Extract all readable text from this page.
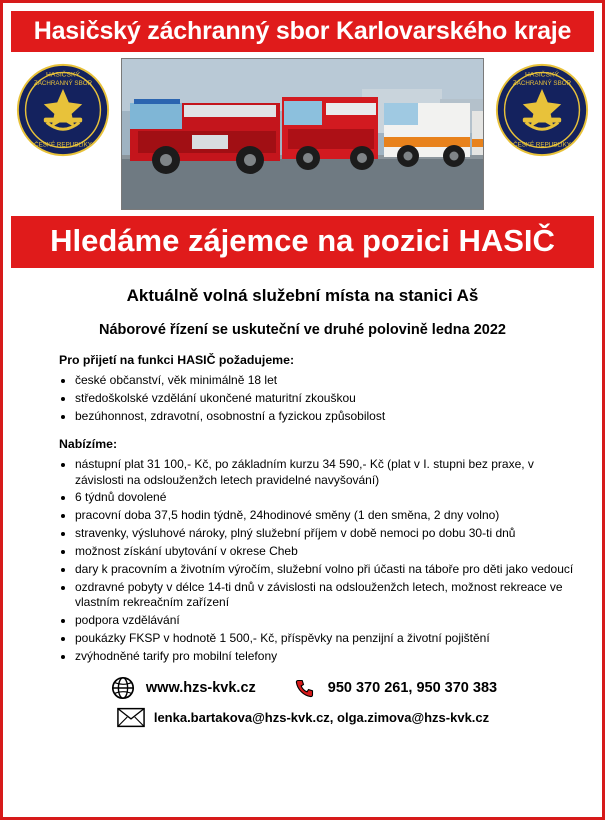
Hasičský záchranný sbor Karlovarského kraje
HASIČSKÝ
ZÁCHRANNÝ SBOR
ČESKÉ REPUBLIKY
HASIČSKÝ
ZÁCHRANNÝ SBOR
ČESKÉ REPUBLIKY
Hledáme zájemce na pozici HASIČ
Aktuálně volná služební místa na stanici Aš
Náborové řízení se uskuteční ve druhé polovině ledna 2022
Pro přijetí na funkci HASIČ požadujeme:
české občanství, věk minimálně 18 let
středoškolské vzdělání ukončené maturitní zkouškou
bezúhonnost, zdravotní, osobnostní a fyzickou způsobilost
Nabízíme:
nástupní plat 31 100,- Kč, po základním kurzu 34 590,- Kč (plat v I. stupni bez praxe, v závislosti na odslouženžch letech pravidelné navyšování)
6 týdnů dovolené
pracovní doba 37,5 hodin týdně, 24hodinové směny (1 den směna, 2 dny volno)
stravenky, výsluhové nároky, plný služební příjem v době nemoci po dobu 30-ti dnů
možnost získání ubytování v okrese Cheb
dary k pracovním a životním výročím, služební volno při účasti na táboře pro děti jako vedoucí
ozdravné pobyty v délce 14-ti dnů v závislosti na odslouženžch letech, možnost rekreace ve vlastním rekreačním zařízení
podpora vzdělávání
poukázky FKSP v hodnotě 1 500,- Kč, příspěvky na penzijní a životní pojištění
zvýhodněné tarify pro mobilní telefony
www.hzs-kvk.cz	950 370 261, 950 370 383
lenka.bartakova@hzs-kvk.cz, olga.zimova@hzs-kvk.cz
